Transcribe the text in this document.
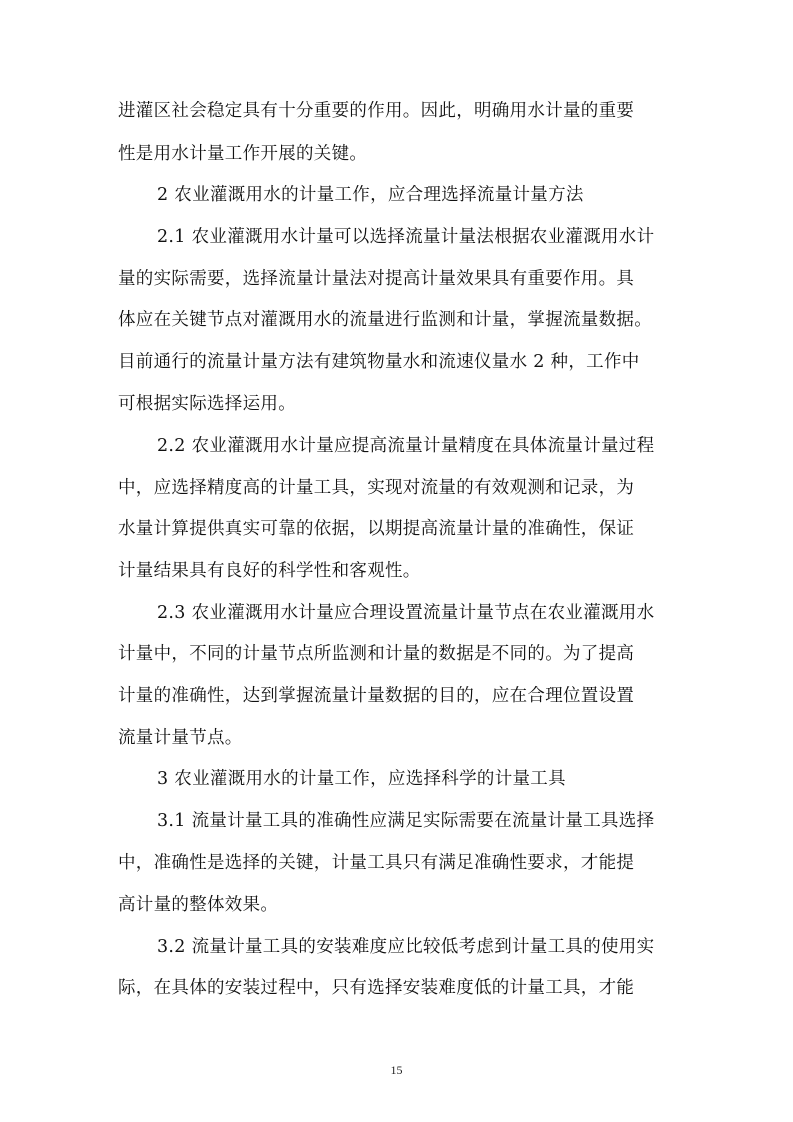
进灌区社会稳定具有十分重要的作用。因此，明确用水计量的重要
性是用水计量工作开展的关键。
2 农业灌溉用水的计量工作，应合理选择流量计量方法
2.1 农业灌溉用水计量可以选择流量计量法根据农业灌溉用水计
量的实际需要，选择流量计量法对提高计量效果具有重要作用。具
体应在关键节点对灌溉用水的流量进行监测和计量，掌握流量数据。
目前通行的流量计量方法有建筑物量水和流速仪量水 2 种，工作中
可根据实际选择运用。
2.2 农业灌溉用水计量应提高流量计量精度在具体流量计量过程
中，应选择精度高的计量工具，实现对流量的有效观测和记录，为
水量计算提供真实可靠的依据，以期提高流量计量的准确性，保证
计量结果具有良好的科学性和客观性。
2.3 农业灌溉用水计量应合理设置流量计量节点在农业灌溉用水
计量中，不同的计量节点所监测和计量的数据是不同的。为了提高
计量的准确性，达到掌握流量计量数据的目的，应在合理位置设置
流量计量节点。
3 农业灌溉用水的计量工作，应选择科学的计量工具
3.1 流量计量工具的准确性应满足实际需要在流量计量工具选择
中，准确性是选择的关键，计量工具只有满足准确性要求，才能提
高计量的整体效果。
3.2 流量计量工具的安装难度应比较低考虑到计量工具的使用实
际，在具体的安装过程中，只有选择安装难度低的计量工具，才能
15
